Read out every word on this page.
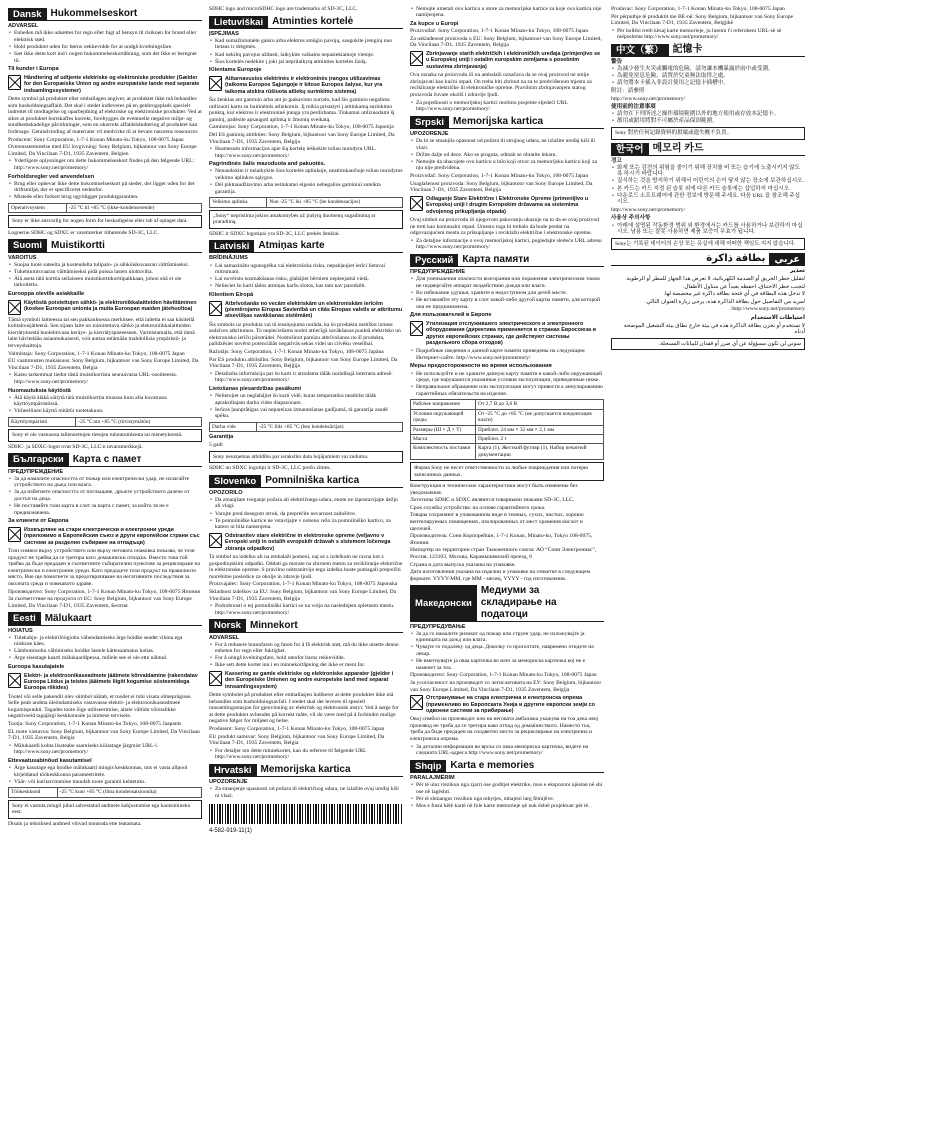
Dansk Hukommelseskort
ADVARSEL
• Enheden må ikke udsættes for regn eller fugt af hensyn til risikoen for brand eller elektrisk stød.
• Hold produktet uden for børns rækkevidde for at undgå kvælningsfare.
• Sæt ikke dette kort ind i nogen hukommelseskortåbning, som det ikke er beregnet til.
Til kunder i Europa
Håndtering af udtjente elektriske og elektroniske produkter (Gælder for den Europæiske Union og andre europæiske lande med separate indsamlingssystemer)
Dette symbol på produktet eller emballagen angiver, at produktet ikke må behandles som husholdningsaffald. Det skal i stedet indleveres på en genbrugsplads specielt indrettet til modtagelse og oparbejdning af elektriske og elektroniske produkter. Ved at sikre at produktet bortskaffes korrekt, forebygges de eventuelle negative miljø- og sundhedsskadelige påvirkninger, som en ukorrekt affaldshåndtering af produktet kan forårsage. Genindvinding af materialer vil medvirke til at bevare naturens ressourcer.
Producent: Sony Corporation, 1-7-1 Konan Minato-ku Tokyo, 108-0075 Japan
Overensstemmelse med EU lovgivning: Sony Belgium, bijkantoor van Sony Europe Limited, Da Vincilaan 7-D1, 1935 Zaventem, Belgien
• Yderligere oplysninger om dette hukommelseskort findes på den følgende URL: http://www.sony.net/promemory/
Forholdsregler ved anvendelsen
• Brug eller opbevar ikke dette hukommelseskort på steder, der ligger uden for det driftsmiljø, der er specificeret nedenfor.
• Mistede eller forkert brug ugyldiggør produktgarantien.
Operativsystem	-25 °C til +85 °C (ikke-kondenserende)
Sony er ikke ansvarlig for nogen form for beskadigelse eller tab af optaget data.
Logoerne SDHC og SDXC er varemærker tilhørende SD-3C, LLC.
Suomi Muistikortti
VAROITUS
• Suojaa tuote sateelta ja kosteudelta tulipalo- ja sähköiskuvaaran välttämiseksi.
• Tukehtumisvaaran välttämiseksi pidä poissa lasten ulottuvilta.
• Älä aseta tätä korttia sellaiseen muistikorttikorttipaikkaan, johon sitä ei ole tarkoitettu.
Eurooppa oleville asiakkaille
Käytöstä poistettujen sähkö- ja elektroniikkalaitteiden hävittäminen (koskee Euroopan unionia ja muita Euroopan maiden jätehuoltoa)
Tämä symboli laitteessa tai sen pakkauksessa merkitsee, että laitetta ei saa käsitellä kotitalousjätteenä. Sen sijaan laite on toimitettava sähkö ja elektroniikkalaitteiden kierrätyksestä huolehtivaan keräys- ja kierrätyspisteeseen. Varmistamalla, että tämä laite hävitetään asianmukaisesti, voit auttaa estämään mahdollisia ympäristö- ja terveyshaittoja.
Valmistaja: Sony Corporation, 1-7-1 Konan Minato-ku Tokyo, 108-0075 Japan
EU vaatimusten mukaisuus: Sony Belgium, bijkantoor van Sony Europe Limited, Da Vincilaan 7-D1, 1935 Zaventem, Belgia
• Katso tarkemmat tiedot tästä muistikortista seuraavasta URL-osoitteesta. http://www.sony.net/promemory/
Huomautuksia käytöstä
• Älä käytä äläkä säilytä tätä muistikorttia muussa kuin alla kuvatussa käyttöympäristössä.
• Virheellinen käyttö mitätöi tuotetakuun.
Käyttöympäristö	-25 °C:sta +85 °C (tiivistymätön)
Sony ei ole vastuussa tallennettujen tietojen tuhoutumisesta tai menetyksestä.
SDHC- ja SDXC-logot ovat SD-3C, LLC:n tavaramerkkejä.
Български Карта с памет
ПРЕДУПРЕЖДЕНИЕ
• За да намалите опасността от пожар или електрически удар, не излагайте устройството на дъжд или влага.
• За да избегнете опасността от поглъщане, дръжте устройството далече от достъп на деца.
• Не поставяйте тази карта в слот за карта с памет, за който тя не е предназначена.
За клиенти от Европа
Изхвърляне на стари електрически и електронни уреди (приложимо в Европейския съюз и други европейски страни със системи за разделно събиране на отпадъци)
Този символ върху устройството или върху неговата опаковка показва, че този продукт не трябва да се третира като домакински отпадък. Вместо това той трябва да бъде предаден в съответните събирателни пунктове за рециклиране на електрически и електронни уреди. Като предадете този продукт на правилното място, Вие ще помогнете за предотвратяване на негативните последствия за околната среда и човешкото здраве.
Производител: Sony Corporation, 1-7-1 Konan Minato-ku Tokyo, 108-0075 Япония
За съответствие на продукта от ЕС: Sony Belgium, bijkantoor van Sony Europe Limited, Da Vincilaan 7-D1, 1935 Zaventem, Белгия
Eesti Mälukaart
HOIATUS
• Tulekahju- ja elektrilöögiohu vähendamiseks ärge hoidke seadet vihma ega niiskuse käes.
• Lämbumisohu vältimiseks hoidke lastele kättesaamatus kohas.
• Ärge sisestage kaarti mälukaardipessa, millele see ei ole ette nähtud.
Euroopa kasutajatele
Elektri- ja elektroonikaseadmete jäätmete kõrvaldamine (rakendatav Euroopa Liidus ja teistes jäätmete liigiti kogumise süsteemidega Euroopa riikides)
Tootel või selle pakendil olev sümbol näitab, et toodet ei tohi visata olmeprügisse. Selle peab andma üleöndamiseks vastavasse elektri- ja elektroonikaseadmete kogumispunkti. Tagades toote õige utiliseerimise, aitate vältida võimalikke negatiivseid tagajärgi keskkonnale ja inimese tervisele.
Tootja: Sony Corporation, 1-7-1 Konan Minato-ku Tokyo, 108-0075 Jaapanis
EL toote vastavus: Sony Belgium, bijkantoor van Sony Europe Limited, Da Vincilaan 7-D1, 1935 Zaventem, Belgia
• Mälukaardi kohta lisateabe saamiseks külastage järgmist URL-i. http://www.sony.net/promemory/
Ettevaatusabinõud kasutamisel
• Ärge kasutage ega hoidke mälukaarti mingis keskkonnas, mis ei vasta allpool kirjeldatud töökeskkonna parameetritele.
• Väär- või kuritarvitamine muudab toote garantii kehtetuks.
Töökeskkond	-25 °C kuni +85 °C (ilma kondensatsioonita)
Sony ei vastuta mingil juhul salvestatud andmete kahjustumise ega kaotsimineku eest.
Disain ja tehnilised andmed võivad muutuda ette teatamata.
SDHC logo and microSDHC logo are trademarks of SD-3C, LLC.
Lietuviškai Atminties kortelė
ĮSPĖJIMAS
• Kad sumažintumėte gaisro arba elektros smūgio pavojų, saugokite įrenginį nuo lietaus ir drėgmės.
• Kad nekiltų pavojus uždusti, laikykite vaikams nepasiekiamoje vietoje.
• Šios kortelės nedėkite į joki jai nepritaikytą atminties kortelės lizdą.
Klientams Europoje
Atitarnavusios elektrinės ir elektroninės įrangos utilizavimas (taikoma Europos Sąjungoje ir kitose Europos šalyse, kur yra taikoma atskira rūšiuota atliekų surinkimo sistema)
Šis ženklas ant gaminio arba ant jo įpakavimo nurodo, kad šio gaminio negalima utilizuoti kartu su buitinėmis atliekomis. Jį reikia pristatyti į atitinkamą surinkimo punktą, kur elektros ir elektroninė įranga yra perdirbama. Tinkamai utilizuodami šį gaminį, padėsite apsaugoti aplinką ir žmonių sveikatą.
Gamintojas: Sony Corporation, 1-7-1 Konan Minato-ku Tokyo, 108-0075 Japonija
Dėl ES gaminių atitikties: Sony Belgium, bijkantoor van Sony Europe Limited, Da Vincilaan 7-D1, 1935 Zaventem, Belgija
• Išsamesnės informacijos apie šią kortelę ieškokite toliau nurodytu URL. http://www.sony.net/promemory/
Pagrindinės šalis mazoduota and pakuotės.
• Nenaudokite ir nelaikykite šios kortelės aplinkoje, neatitinkančioje toliau nurodytos veikimo aplinkos sąlygos.
• Dėl piktnaudžiavimo arba netinkamo elgesio nebegalios gaminiui suteikta garantija.
Veikimo aplinka	Nuo -25 °C iki +85 °C (be kondensacijos)
„Sony“ neprisiima jokios atsakomybės už įrašytų duomenų sugadinimą ar praradimą.
SDHC ir SDXC logotipai yra SD-3C, LLC prekės ženklai.
Latviski Atmiņas karte
BRĪDINĀJUMS
• Lai samazinātu ugunsgrēka vai elektrošoka risku, nepakļaujiet ierīci lietavai mitrumam.
• Lai novērstu nosmakšanas risku, glabājiet bērniem nepieejamā vietā.
• Nelieciet šo karti tādos atmiņas karšu slotos, kas tam nav paredzēti.
Klientiem Eiropā
Atbrīvošanās no vecām elektriskām un elektroniskām ierīcēm (piemērojams Eiropas Savienībā un citās Eiropas valstīs ar atkritumu atsevišķas savākšanas sistēmām)
Šis simbols uz produkta vai tā iesaiņojuma norāda, ka šo produktu nedrīkst izmest sadzīves atkritumos. To nepieciešams nodot attiecīgā savākšanas punktā elektrisko un elektronisko ierīču pārstrādei. Nodrošinot pareizu atbrīvošanos no šī produkta, palīdzēsiet novērst potenciālās negatīvās sekas videi un cilvēku veselībai.
Ražotājs: Sony Corporation, 1-7-1 Konan Minato-ku Tokyo, 108-0075 Japāna
Par ES produktu atbilstību: Sony Belgium, bijkantoor van Sony Europe Limited, Da Vincilaan 7-D1, 1935 Zaventem, Beļģija
• Detalizēta informācija par šo karti ir atrodama tālāk norādītajā interneta adresē: http://www.sony.net/promemory/
Lietošanas piesardzības pasākumi
• Nelietojiet un neglabājiet šo karti vidē, kuras temperatūra neatbilst tālāk aprakstītajam darba vides diapazonam.
• Ierīces ļaunprātīgas vai nepareizas izmantošanas gadījumā, tā garantija zaudē spēku.
Darba vide	-25 °C līdz +85 °C (bez kondensācijas)
Garantija
5 gadi
Sony neuzņemas atbildību par ierakstīto datu bojājumiem vai zudumu.
SDHC un SDXC logotipi ir SD-3C, LLC preču zīmes.
Slovenko Pomnilniška kartica
OPOZORILO
• Da zmanjšate tveganje požara ali električnega udara, enote ne izpostavljajte dežju ali vlagi.
• Varujte pred dosegom otrok, da preprečite nevarnost zadušitve.
• Te pomnilniške kartice ne vstavljajte v nobeno režo za pomnilniško kartico, za katero ni bila namenjena.
Odstranitev stare električne in elektronske opreme (veljavno v Evropski uniji in ostalih evropskih državah s sistemom ločenega zbiranja odpadkov)
Ta simbol na izdelku ali na embalaži pomeni, naj se z izdelkom ne ravna kot z gospodinjskimi odpadki. Oddati ga morate na zbirnem mestu za recikliranje električne in elektronske opreme. S pravilno odstranitvijo tega izdelka boste pomagali preprečiti morebitne posledice za okolje in zdravje ljudi.
Proizvajalec: Sony Corporation, 1-7-1 Konan Minato-ku Tokyo, 108-0075 Japonska
Skladnost izdelkov za EU: Sony Belgium, bijkantoor van Sony Europe Limited, Da Vincilaan 7-D1, 1935 Zaventem, Belgija
• Podrobnosti o tej pomnilniški kartici so na voljo na naslednjem spletnem mestu. http://www.sony.net/promemory/
Norsk Minnekort
ADVARSEL
• For å redusere brannfaren og faren for å få elektrisk støt, må du ikke utsette denne enheten for regn eller fuktighet.
• For å unngå kvelningsfare, hold utenfor barns rekkevidde.
• Ikke sett dette kortet inn i en minnekortåpning det ikke er ment for.
Kassering av gamle elektriske og elektroniske apparater (gjelder i den Europeiske Unionen og andre europeiske land med separat innsamlingssystem)
Dette symbolet på produktet eller emballasjen indikerer at dette produktet ikke må behandles som husholdningsavfall. I stedet skal det leveres til spesiell innsamlingsstasjon for gjenvinning av elektrisk og elektronisk utstyr. Ved å sørge for at dette produktet avhendes på korrekt måte, vil du være med på å forhindre mulige negative følger for miljøet og helse.
Produsent: Sony Corporation, 1-7-1 Konan Minato-ku Tokyo, 108-0075 Japan
EU produkt samsvar: Sony Belgium, bijkantoor van Sony Europe Limited, Da Vincilaan 7-D1, 1935 Zaventem, Belgia
• For detaljer om dette minnekortet, kan du referere til følgende URL http://www.sony.net/promemory/
Hrvatski Memorijska kartica
UPOZORENJE
• Za smanjenje opasnosti od požara ili električnog udara, ne izlažite ovaj uređaj kiši ni vlazi.
4-582-919-11(1)
• Nemojte umetati ovu karticu u utore za memorijske kartice za koje ova kartica nije namijenjena.
Za kupce u Europi
Proizvođač: Sony Corporation, 1-7-1 Konan Minato-ku Tokyo, 108-0075 Japan
Za usklađenost proizvoda u EU: Sony Belgium, bijkantoor van Sony Europe Limited, Da Vincilaan 7-D1, 1935 Zaventem, Belgija
Zbrinjavanje starih električkih i elektroničkih uređaja (primjenjivo se u Europskoj uniji i ostalim europskim zemljama s posebnim sustavima zbrinjavanja)
Ova oznaka na proizvodu ili na ambalaži označava da se ovaj proizvod ne smije zbrinjavati kao kućni otpad. On treba biti zbrinut na za to predviđenom mjestu za recikliranje električke ili elektroničke opreme. Pravilnim zbrinjavanjem starog proizvoda čuvate okoliš i zdravlje ljudi.
• Za pojedinosti o memorijskoj kartici molimo posjetite sljedeći URL http://www.sony.net/promemory/
Srpski Memorijska kartica
UPOZORENJE
• Da bi se smanjila opasnost od požara ili strujnog udara, ne izlažite uređaj kiši ili vlazi.
• Držite dalje od dece. Ako se proguta, odmah se obratite lekaru.
• Nemojte da ubacujete ovu karticu u bilo koji otvor za memorijsku karticu koji za nju nije predviđena.
Proizvođač: Sony Corporation, 1-7-1 Konan Minato-ku Tokyo, 108-0075 Japan
Usaglašenost proizvoda: Sony Belgium, bijkantoor van Sony Europe Limited, Da Vincilaan 7-D1, 1935 Zaventem, Belgija
Odlaganje Stare Električne i Elektronske Opreme (primenljivo u Evropskoj uniji i drugim Evropskim državama sa sistemima odvojenog prikupljanja otpada)
Ovaj simbol na proizvodu ili njegovom pakovanju ukazuje na to da se ovaj proizvod ne treti kao komunalni otpad. Umesto toga bi trebalo da bude predat na odgovarajućem mestu za prikupljanje i reciklažu električne i elektronske opreme.
• Za detaljne informacije o ovoj memorijskoj kartici, pogledajte sledeću URL adresu http://www.sony.net/promemory/
Русский Карта памяти
ПРЕДУПРЕЖДЕНИЕ
• Для уменьшения опасности возгорания или поражения электрическим током не подвергайте аппарат воздействию дождя или влаги.
• Во избежание удушья, храните в недоступном для детей месте.
• Не вставляйте эту карту в слот какой-либо другой карты памяти, для которой она не предназначена.
Для пользователей в Европе
Утилизация отслужившего электрического и электронного оборудования (директива применяется в странах Евросоюза и других европейских странах, где действуют системы раздельного сбора отходов)
• Подробные сведения о данной карте памяти приведены на следующем Интернет-сайте. http://www.sony.net/promemory/
Меры предосторожности во время использования
• Не используйте и не храните данную карту памяти в какой-либо окружающей среде, где нарушаются указанные условия эксплуатации, приведенные ниже.
• Неправильное обращение или эксплуатация могут привести к аннулированию гарантийных обязательств на изделие.
Рабочее напряжение	От 2,7 В до 3,6 В
Условия окружающей среды	От -25 °C до +85 °C (не допускается конденсация влаги)
Размеры (Ш × Д × Т)	Приблиз. 24 мм × 32 мм × 2,1 мм
Масса	Приблиз. 2 г
Комплектность поставки	Карта (1), Жесткий футляр (1), Набор печатной документации
Фирма Sony не несет ответственности за любые повреждения или потерю записанных данных.
Конструкция и технические характеристики могут быть изменены без уведомления.
Логотипы SDHC и SDXC являются товарными знаками SD-3C, LLC.
Срок службы устройства: на основе гарантийного срока.
Товары сохраняют в упакованном виде в темных, сухих, чистых, хорошо вентилируемых помещениях, изолированных от мест хранения кислот и щелочей.
Производитель: Сони Корпорейшн, 1-7-1 Konan, Minato-ku, Tokyo 108-0075, Япония.
Импортер на территории стран Таможенного союза: АО “Сони Электроникс”, Россия, 123103, Москва, Карамышевский проезд, 6
Страна и дата выпуска указаны на упаковке.
Дата изготовления указана на изделии и упаковке на этикетке в следующем формате: YYYY-MM, где MM - месяц, YYYY - год изготовления.
Македонски
Медиуми за складирање на податоци
ПРЕДУПРЕДУВАЊЕ
• За да го намалите ризикот од пожар или струен удар, не изложувајте ја единицата на дожд или влага.
• Чувајте го подалеку од деца. Доколку го проголтате, навремено отидете на лекар.
• Не вметнувајте ја оваа картичка во влез за мемориска картичка кој не е наменет за тоа.
Производител: Sony Corporation, 1-7-1 Konan Minato-ku Tokyo, 108-0075 Japan
За усогласеност на производот со легислативата на ЕУ: Sony Belgium, bijkantoor van Sony Europe Limited, Da Vincilaan 7-D1, 1935 Zaventem, Belgija
Отстранување на стара електрична и електронска опрема (применливо во Европската Унија и другите европски земји со одвоени системи за прибирање)
Овој симбол на производот или на неговата амбалажа укажува на тоа дека овој производ не треба да се третира како отпад од домаќинството. Наместо тоа, треба да биде предаден на соодветно место за рециклирање на електрична и електронска опрема.
• За детални информации во врска со оваа мемориска картичка, видете на следната URL-адреса http://www.sony.net/promemory/
Shqip Karta e memories
PARALAJMËRIM
• Për të ulur rrezikun nga zjarri ose goditjet elektrike, mos e ekspozoni njësinë në shi ose në lagështi.
• Për të shmangur rrezikun nga mbytjes, mbajeni larg fëmijëve.
• Mos e fusni këtë kartë në fole karte memorieje që nuk është projektuar për të.
Prodavac: Sony Corporation, 1-7-1 Konan Minato-ku Tokyo, 108-0075 Japan
Për përputhje të produktit me BE-në: Sony Belgium, bijkantoor van Sony Europe Limited, Da Vincilaan 7-D1, 1935 Zaventem, Belgjikë
• Për hollësi rreth kësaj karte memorieje, ju lutemi t'i referoheni URL-së së mëposhtme http://www.sony.net/promemory/
中文（繁） 記憶卡
警告
• 為減少發生火災或觸電的危險，請勿讓本機暴露於雨中或受潮。
• 為避免窒息危險，請置於兒童無法取得之處。
• 請勿將本卡插入非設計使用之記憶卡插槽中。
附註：請參照
http://www.sony.net/promemory/
使用前的注意事項
• 請勿在下列所述之操作環境範圍以外的地方使用或存放本記憶卡。
• 濫用或錯用將對不可屬於產品保固範圍。
Sony 對於任何記錄資料的損壞或遺失概不負責。
한국어 메모리 카드
경고
• 화재 또는 감전의 위험을 줄이기 위해 장치를 비 또는 습기에 노출시키지 않도록 하시기 바랍니다.
• 질식하는 것을 방지하기 위해서 어린이의 손이 닿지 않는 장소에 보관하십시오.
• 본 카드는 카드 지정 된 슬롯 외에 다른 카드 슬롯에는 삽입하지 마십시오.
• 다운로드 소프트웨어에 관한 정보에 방문해 주세요. 다음 URL 을 참조해 주십시오.
http://www.sony.net/promemory/
사용상 주의사항
• 아래에 설명된 작동환경 범위 외 환경에서는 카드를 사용하거나 보관하지 마십시오. 남용 또는 잘못 사용하면 제품 보증이 무효가 됩니다.
Sony는 기록된 데이터의 손상 또는 유실에 대해 어떠한 책임도 지지 않습니다.
عربي
بطاقة ذاكرة
تحذير
لتقليل خطر الحريق أو الصدمة الكهربائية، لا تعرض هذا الجهاز للمطر أو الرطوبة.
لتجنب خطر الاختناق، احفظه بعيداً عن متناول الأطفال.
لا تدخل هذه البطاقة في أي فتحة بطاقة ذاكرة غير مخصصة لها.
لمزيد من التفاصيل حول بطاقة الذاكرة هذه، يرجى زيارة العنوان التالي.
http://www.sony.net/promemory/
احتياطات الاستخدام
لا تستخدم أو تخزن بطاقة الذاكرة هذه في بيئة خارج نطاق بيئة التشغيل الموضحة أدناه.
سوني لن تكون مسؤولة عن أي ضرر أو فقدان للبيانات المسجلة.
